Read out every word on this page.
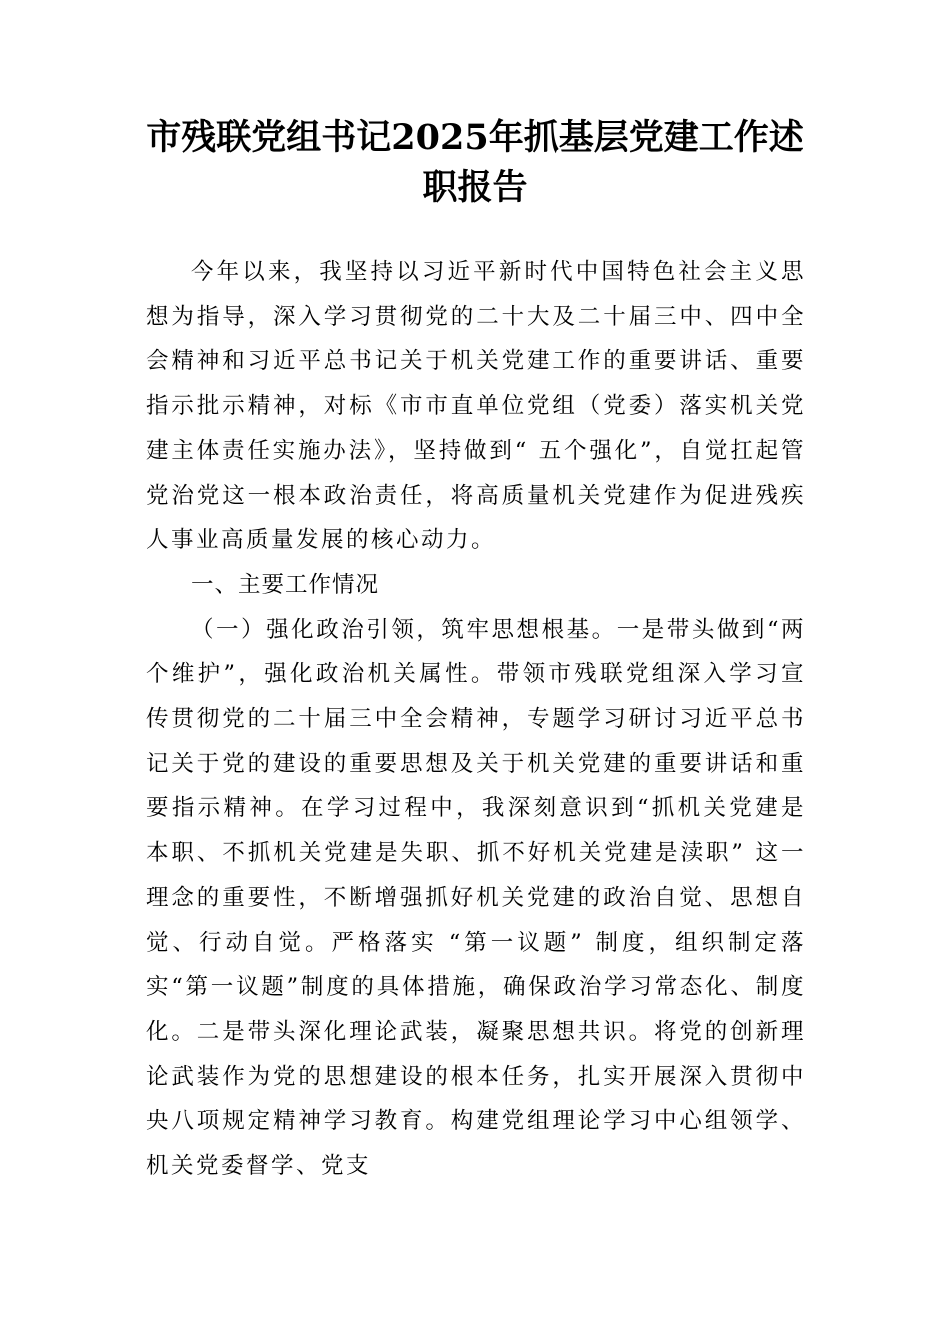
市残联党组书记2025年抓基层党建工作述职报告

今年以来，我坚持以习近平新时代中国特色社会主义思想为指导，深入学习贯彻党的二十大及二十届三中、四中全会精神和习近平总书记关于机关党建工作的重要讲话、重要指示批示精神，对标《市市直单位党组（党委）落实机关党建主体责任实施办法》，坚持做到“ 五个强化”，自觉扛起管党治党这一根本政治责任，将高质量机关党建作为促进残疾人事业高质量发展的核心动力。

一、主要工作情况

（一）强化政治引领，筑牢思想根基。一是带头做到“两个维护”，强化政治机关属性。带领市残联党组深入学习宣传贯彻党的二十届三中全会精神，专题学习研讨习近平总书记关于党的建设的重要思想及关于机关党建的重要讲话和重要指示精神。在学习过程中，我深刻意识到“抓机关党建是本职、不抓机关党建是失职、抓不好机关党建是渎职” 这一理念的重要性，不断增强抓好机关党建的政治自觉、思想自觉、行动自觉。严格落实 “第一议题” 制度，组织制定落实“第一议题”制度的具体措施，确保政治学习常态化、制度化。二是带头深化理论武装，凝聚思想共识。将党的创新理论武装作为党的思想建设的根本任务，扎实开展深入贯彻中央八项规定精神学习教育。构建党组理论学习中心组领学、机关党委督学、党支
